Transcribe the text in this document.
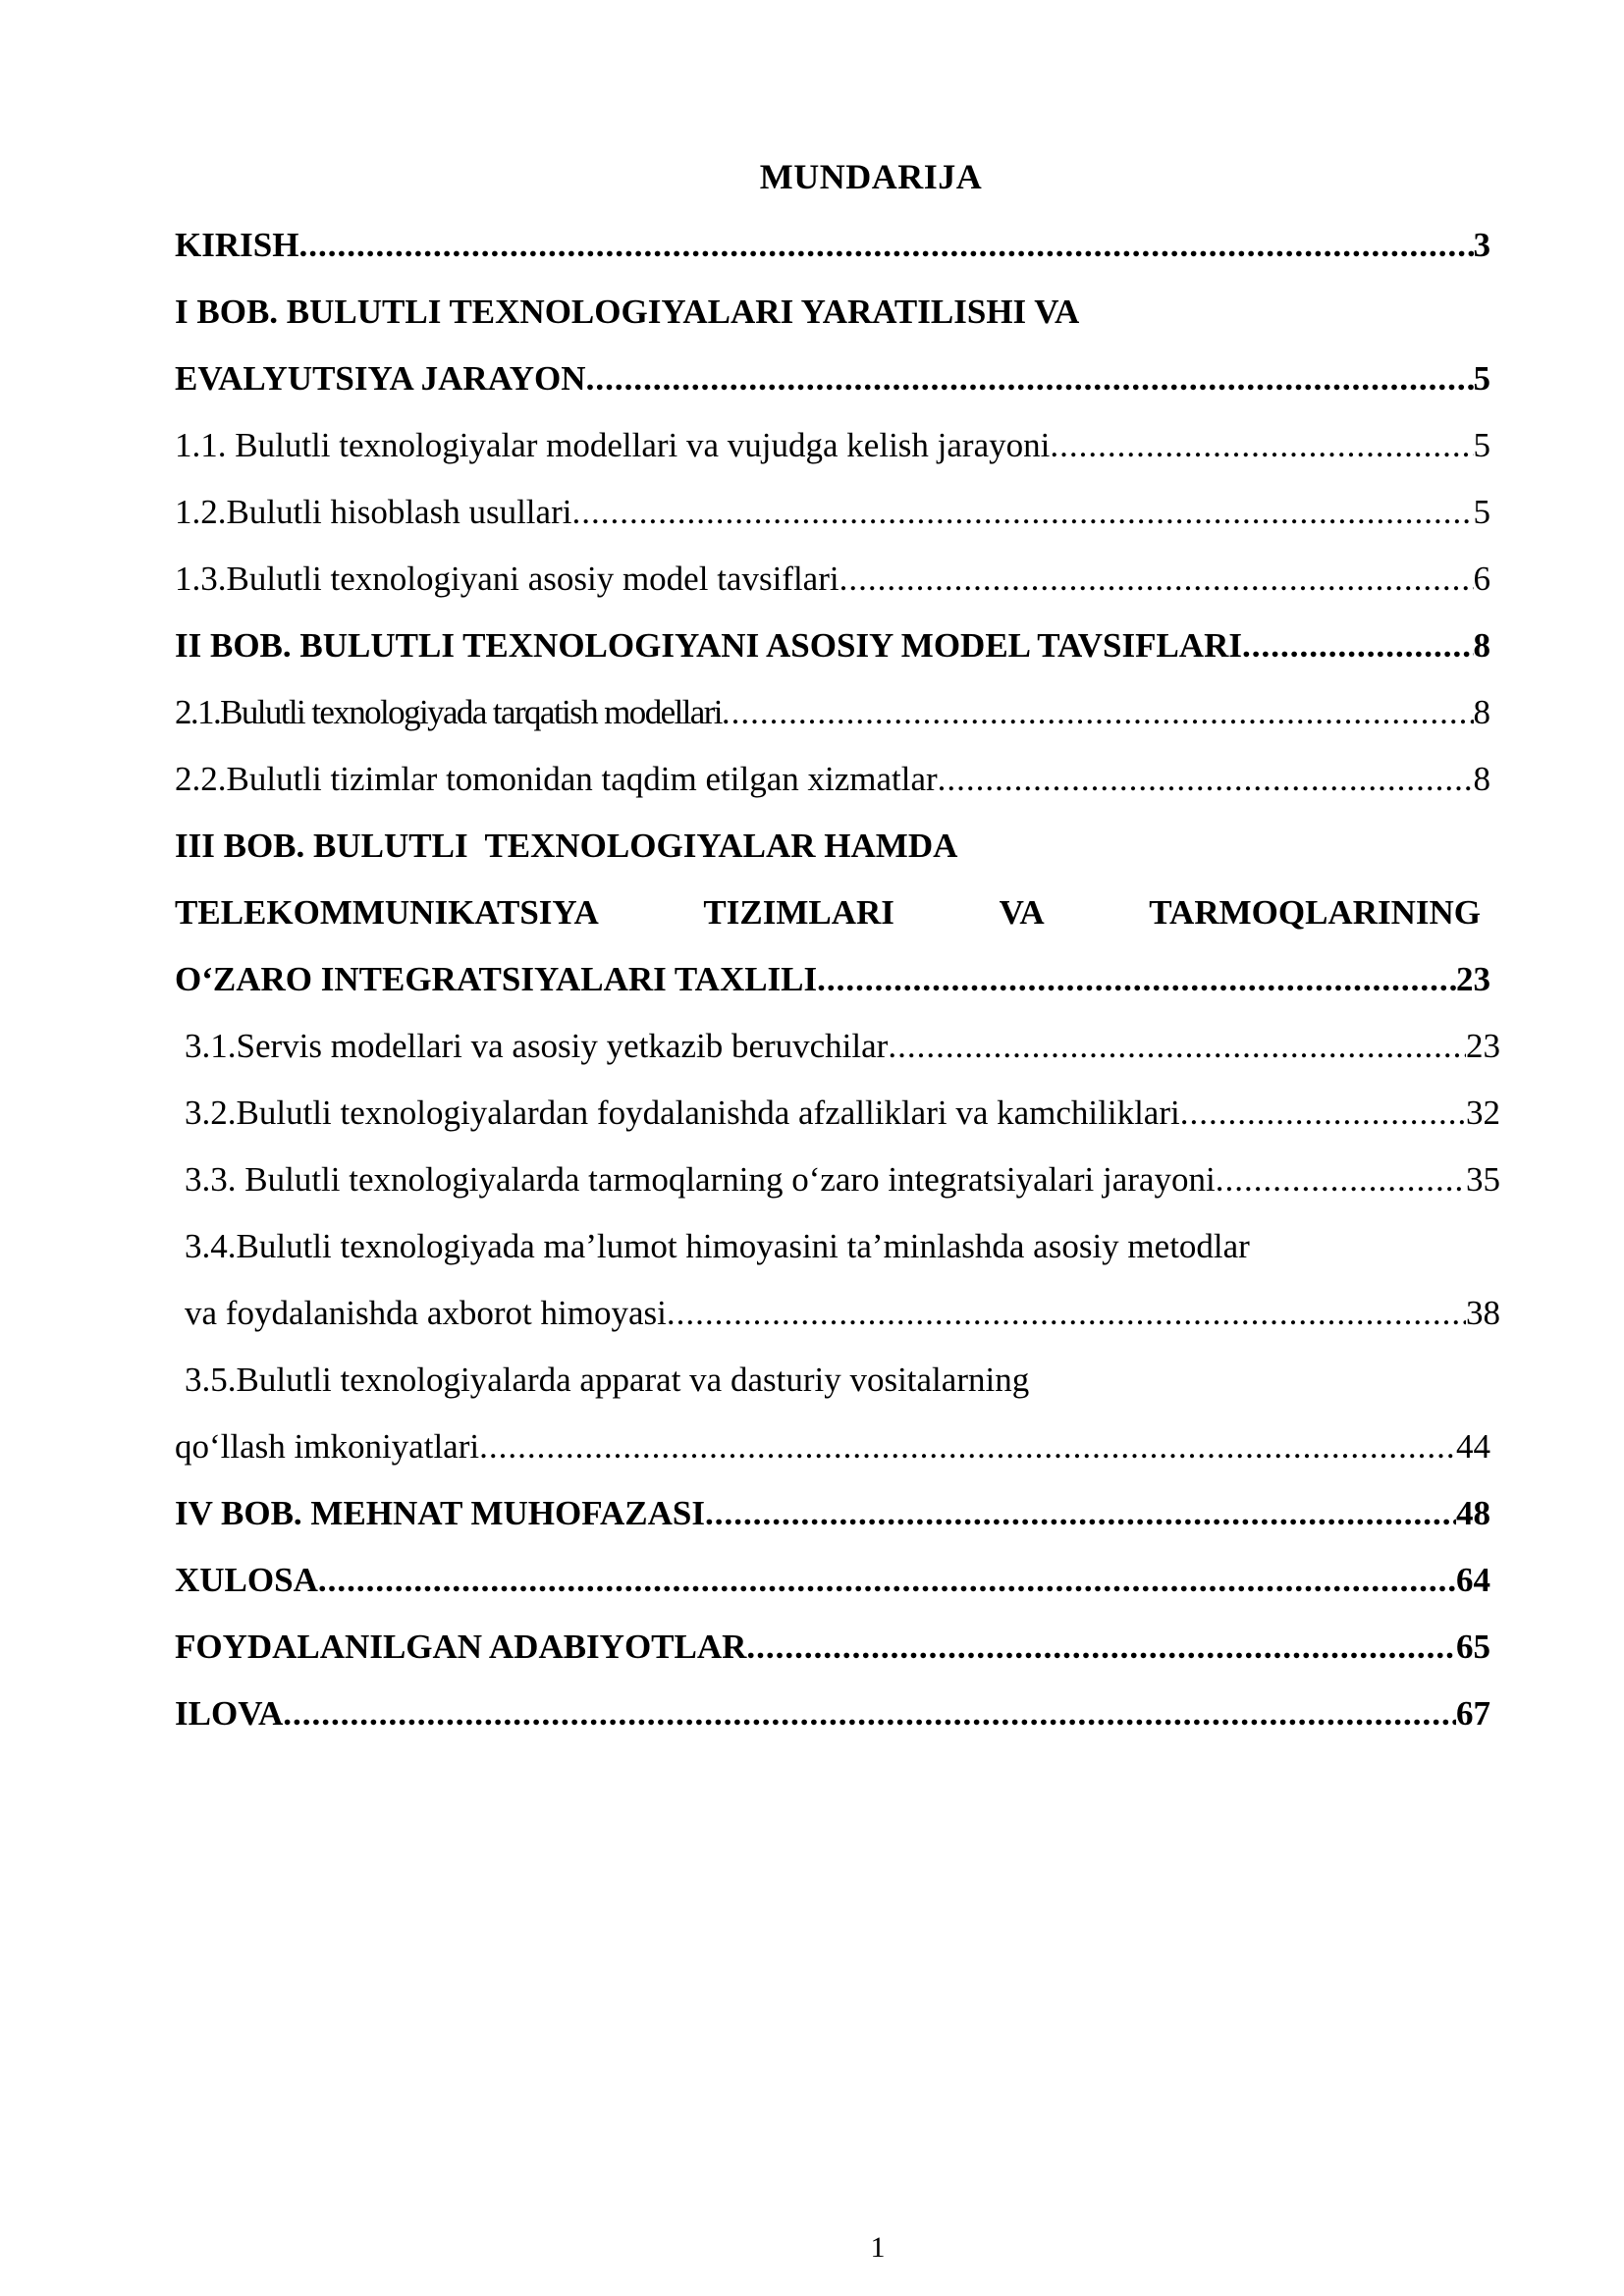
MUNDARIJA
KIRISH .....	3
I BOB. BULUTLI TEXNOLOGIYALARI YARATILISHI VA
EVALYUTSIYA JARAYON .....	5
1.1. Bulutli texnologiyalar modellari va vujudga kelish jarayoni .....	5
1.2.Bulutli hisoblash usullari .....	5
1.3.Bulutli texnologiyani asosiy model tavsiflari .....	6
II BOB. BULUTLI TEXNOLOGIYANI ASOSIY MODEL TAVSIFLARI .....	8
2.1.Bulutli texnologiyada tarqatish modellari .....	8
2.2.Bulutli tizimlar tomonidan taqdim etilgan xizmatlar .....	8
III BOB. BULUTLI  TEXNOLOGIYALAR HAMDA
TELEKOMMUNIKATSIYA	TIZIMLARI	VA	TARMOQLARINING
O‘ZARO INTEGRATSIYALARI TAXLILI .....	23
3.1.Servis modellari va asosiy yetkazib beruvchilar .....	23
3.2.Bulutli texnologiyalardan foydalanishda afzalliklari va kamchiliklari .....	32
3.3. Bulutli texnologiyalarda tarmoqlarning o‘zaro integratsiyalari jarayoni .....	35
3.4.Bulutli texnologiyada ma’lumot himoyasini ta’minlashda asosiy metodlar
va foydalanishda axborot himoyasi .....	38
3.5.Bulutli texnologiyalarda apparat va dasturiy vositalarning
qo‘llash imkoniyatlari .....	44
IV BOB. MEHNAT MUHOFAZASI .....	48
XULOSA .....	64
FOYDALANILGAN ADABIYOTLAR .....	65
ILOVA .....	67
1
